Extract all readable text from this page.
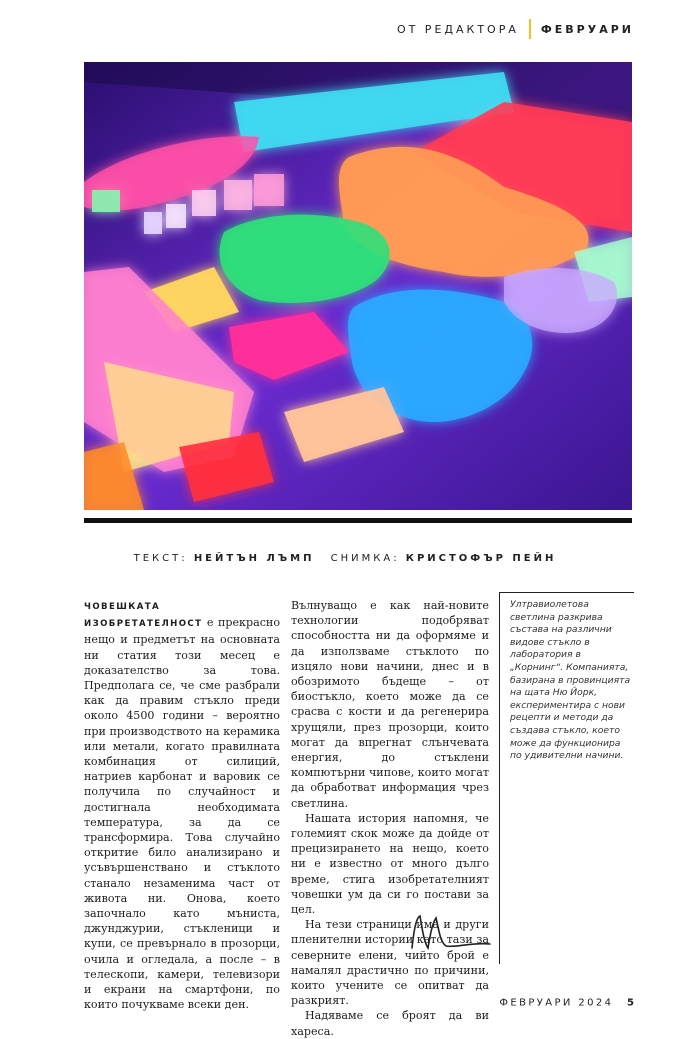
ОТ РЕДАКТОРА ФЕВРУАРИ
ТЕКСТ: НЕЙТЪН ЛЪМП СНИМКА: КРИСТОФЪР ПЕЙН

ЧОВЕШКАТА ИЗОБРЕТАТЕЛНОСТ е прекрасно нещо и предметът на основната ни статия този месец е доказателство за това. Предполага се, че сме разбрали как да правим стъкло преди около 4500 години – вероятно при производството на керамика или метали, когато правилната комбинация от силиций, натриев карбонат и варовик се получила по случайност и достигнала необходимата температура, за да се трансформира. Това случайно откритие било анализирано и усъвършенствано и стъклото станало незаменима част от живота ни. Онова, което започнало като мъниста, джунджурии, стъкленици и купи, се превърнало в прозорци, очила и огледала, а после – в телескопи, камери, телевизори и екрани на смартфони, по които почукваме всеки ден.

Вълнуващо е как най-новите технологии подобряват способността ни да оформяме и да използваме стъклото по изцяло нови начини, днес и в обозримото бъдеще – от биостъкло, което може да се срасва с кости и да регенерира хрущяли, през прозорци, които могат да впрегнат слънчевата енергия, до стъклени компютърни чипове, които могат да обработват информация чрез светлина.

Нашата история напомня, че големият скок може да дойде от прецизирането на нещо, което ни е известно от много дълго време, стига изобретателният човешки ум да си го постави за цел.

На тези страници има и други пленителни истории като тази за северните елени, чийто брой е намалял драстично по причини, които учените се опитват да разкрият.

Надяваме се броят да ви хареса.

Ултравиолетова светлина разкрива състава на различни видове стъкло в лаборатория в „Корнинг“. Компанията, базирана в провинцията на щата Ню Йорк, експериментира с нови рецепти и методи да създава стъкло, което може да функционира по удивителни начини.
ФЕВРУАРИ 2024 5
